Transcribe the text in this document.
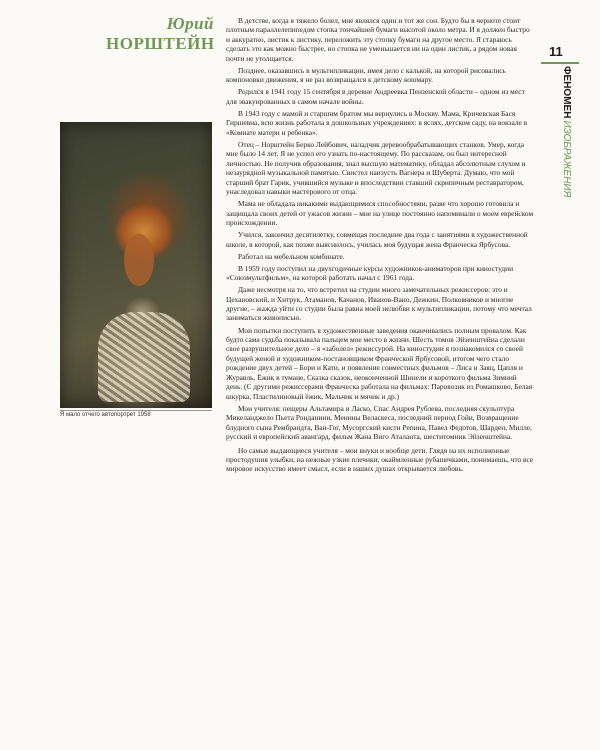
Юрий
НОРШТЕЙН	11
ФЕНОМЕНИЗОБРАЖЕНИЯ
Я мало отчего автопортрет 1958

В детстве, когда я тяжело болел, мне являлся один и тот же сон. Будто бы в черноте стоит плотным параллелепипедом стопка тончайшей бумаги высотой около метра. И я должен быстро и аккуратно, листик к листику, переложить эту стопку бумаги на другое место. Я стараюсь сделать это как можно быстрее, но стопка не уменьшается ни на один листик, а рядом новая почти не утолщается.

Позднее, оказавшись в мультипликации, имея дело с калькой, на которой рисовались компоновки движения, я не раз возвращался к детскому кошмару.

Родился в 1941 году 15 сентября в деревне Андреевка Пензенской области – одном из мест для эвакуированных в самом начале войны.

В 1943 году с мамой и старшим братом мы вернулись в Москву. Мама, Кричевская Бася Гиршевна, всю жизнь работала в дошкольных учреждениях: в яслях, детском саду, на вокзале в «Комнате матери и ребенка».

Отец – Норштейн Берко Лейбович, наладчик деревообрабатывающих станков. Умер, когда мне было 14 лет. Я не успел его узнать по-настоящему. По рассказам, он был интересной личностью. Не получив образования, знал высшую математику, обладал абсолютным слухом и незаурядной музыкальной памятью. Свистел наизусть Вагнера и Шуберта. Думаю, что мой старший брат Гарик, учившийся музыке и впоследствии ставший скрипичным реставратором, унаследовал навыки мастерового от отца.

Мама не обладала никакими выдающимися способностями, разве что хорошо готовила и защищала своих детей от ужасов жизни – мне на улице постоянно напоминали о моем еврейском происхождении.

Учился, закончил десятилетку, совмещая последние два года с занятиями в художественной школе, в которой, как позже выяснилось, училась моя будущая жена Франческа Ярбусова.

Работал на мебельном комбинате.

В 1959 году поступил на двухгодичные курсы художников-аниматоров при киностудии «Союзмультфильм», на которой работать начал с 1961 года.

Даже несмотря на то, что встретил на студии много замечательных режиссеров: это и Цехановский, и Хитрук, Атаманов, Качанов, Иванов-Вано, Дежкин, Полковников и многие другие, – жажда уйти со студии была равна моей нелюбви к мультипликации, потому что мечтал заниматься живописью.

Мои попытки поступить в художественные заведения оканчивались полным провалом. Как будто сама судьба показывала пальцем мое место в жизни. Шесть томов Эйзенштейна сделали свое разрушительное дело – я «заболел» режиссурой. На киностудии я познакомился со своей будущей женой и художником-постановщиком Франческой Ярбусовой, итогом чего стало рождение двух детей – Бори и Кати, и появление совместных фильмов – Лиса и Заяц, Цапля и Журавль, Ёжик в тумане, Сказка сказок, неоконченной Шинели и короткого фильма Зимний день. (С другими режиссерами Франческа работала на фильмах: Паровозик из Ромашково, Белая шкурка, Пластилиновый ёжик, Мальчик и мячик и др.)

Мои учителя: пещеры Альтамира и Ласко, Спас Андрея Рублева, последняя скульптура Микеланджело Пьета Ронданини, Менины Веласкеса, последний период Гойи, Возвращение блудного сына Рембрандта, Ван-Гог, Мусоргский кисти Репина, Павел Федотов, Шарден, Милле, русский и европейский авангард, фильм Жана Виго Аталанта, шеститомник Эйзенштейна.

Но самые выдающиеся учителя – мои внуки и вообще дети. Глядя на их исполненные простодушия улыбки, на нежные узкие плечики, окаймленные рубашечками, понимаешь, что все мировое искусство имеет смысл, если в наших душах открывается любовь.
